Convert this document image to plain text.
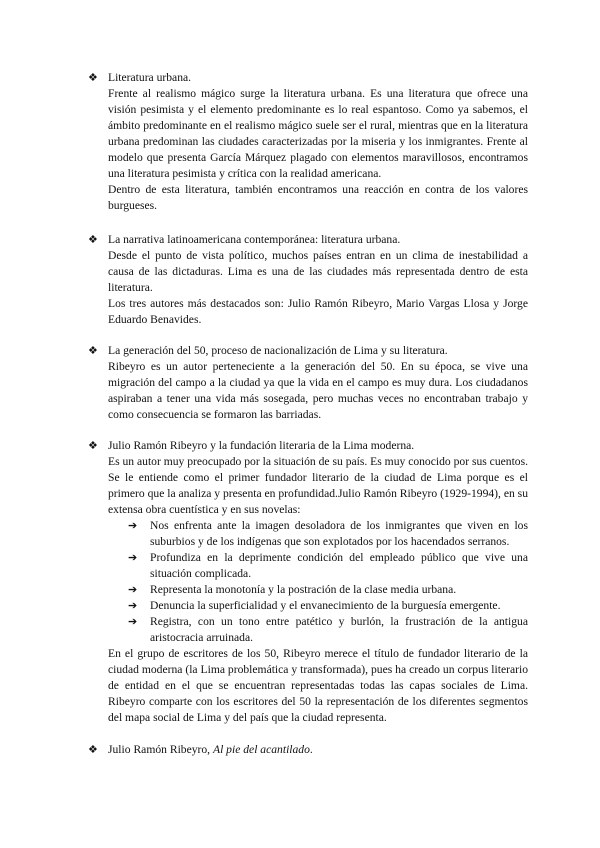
❖ Literatura urbana.

Frente al realismo mágico surge la literatura urbana. Es una literatura que ofrece una visión pesimista y el elemento predominante es lo real espantoso. Como ya sabemos, el ámbito predominante en el realismo mágico suele ser el rural, mientras que en la literatura urbana predominan las ciudades caracterizadas por la miseria y los inmigrantes. Frente al modelo que presenta García Márquez plagado con elementos maravillosos, encontramos una literatura pesimista y crítica con la realidad americana.

Dentro de esta literatura, también encontramos una reacción en contra de los valores burgueses.

❖ La narrativa latinoamericana contemporánea: literatura urbana.

Desde el punto de vista político, muchos países entran en un clima de inestabilidad a causa de las dictaduras. Lima es una de las ciudades más representada dentro de esta literatura.

Los tres autores más destacados son: Julio Ramón Ribeyro, Mario Vargas Llosa y Jorge Eduardo Benavides.

❖ La generación del 50, proceso de nacionalización de Lima y su literatura.

Ribeyro es un autor perteneciente a la generación del 50. En su época, se vive una migración del campo a la ciudad ya que la vida en el campo es muy dura. Los ciudadanos aspiraban a tener una vida más sosegada, pero muchas veces no encontraban trabajo y como consecuencia se formaron las barriadas.

❖ Julio Ramón Ribeyro y la fundación literaria de la Lima moderna.

Es un autor muy preocupado por la situación de su país. Es muy conocido por sus cuentos. Se le entiende como el primer fundador literario de la ciudad de Lima porque es el primero que la analiza y presenta en profundidad.Julio Ramón Ribeyro (1929-1994), en su extensa obra cuentística y en sus novelas:

➔ Nos enfrenta ante la imagen desoladora de los inmigrantes que viven en los suburbios y de los indígenas que son explotados por los hacendados serranos.
➔ Profundiza en la deprimente condición del empleado público que vive una situación complicada.
➔ Representa la monotonía y la postración de la clase media urbana.
➔ Denuncia la superficialidad y el envanecimiento de la burguesía emergente.
➔ Registra, con un tono entre patético y burlón, la frustración de la antigua aristocracia arruinada.

En el grupo de escritores de los 50, Ribeyro merece el título de fundador literario de la ciudad moderna (la Lima problemática y transformada), pues ha creado un corpus literario de entidad en el que se encuentran representadas todas las capas sociales de Lima. Ribeyro comparte con los escritores del 50 la representación de los diferentes segmentos del mapa social de Lima y del país que la ciudad representa.

❖ Julio Ramón Ribeyro, Al pie del acantilado.
